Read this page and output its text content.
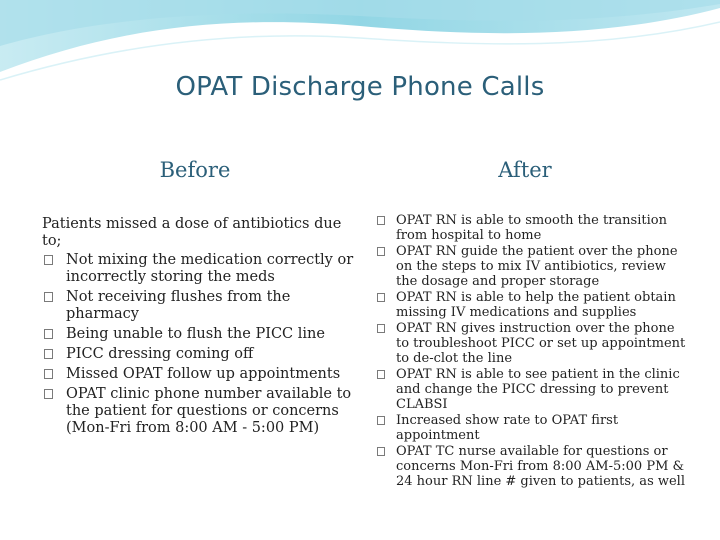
OPAT Discharge Phone Calls
Before	After
Patients missed a dose of antibiotics due to;
Not mixing the medication correctly or incorrectly storing the meds
Not receiving flushes from the pharmacy
Being unable to flush the PICC line
PICC dressing coming off
Missed OPAT follow up appointments
OPAT clinic phone number available to the patient for questions or concerns (Mon-Fri from 8:00 AM - 5:00 PM)
OPAT RN is able to smooth the transition from hospital to home
OPAT RN guide the patient over the phone on the steps to mix IV antibiotics, review the dosage and proper storage
OPAT RN is able to help the patient obtain missing IV medications and supplies
OPAT RN gives instruction over the phone to troubleshoot PICC or set up appointment to de-clot the line
OPAT RN is able to see patient in the clinic and change the PICC dressing to prevent CLABSI
Increased show rate to OPAT first appointment
OPAT TC nurse available for questions or concerns Mon-Fri from 8:00 AM-5:00 PM & 24 hour RN line # given to patients, as well
